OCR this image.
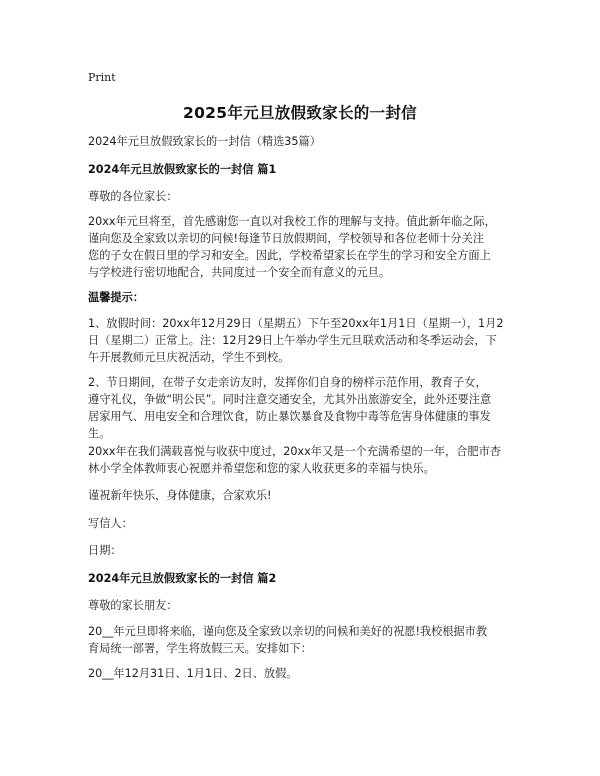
Print
2025年元旦放假致家长的一封信
2024年元旦放假致家长的一封信（精选35篇）
2024年元旦放假致家长的一封信 篇1
尊敬的各位家长：
20xx年元旦将至，首先感谢您一直以对我校工作的理解与支持。值此新年临之际，
谨向您及全家致以亲切的问候!每逢节日放假期间，学校领导和各位老师十分关注
您的子女在假日里的学习和安全。因此，学校希望家长在学生的学习和安全方面上
与学校进行密切地配合，共同度过一个安全而有意义的元旦。
温馨提示：
1、放假时间：20xx年12月29日（星期五）下午至20xx年1月1日（星期一），1月2
日（星期二）正常上。注：12月29日上午举办学生元旦联欢活动和冬季运动会，下
午开展教师元旦庆祝活动，学生不到校。
2、节日期间，在带子女走亲访友时，发挥你们自身的榜样示范作用，教育子女，
遵守礼仪，争做“明公民”。同时注意交通安全，尤其外出旅游安全，此外还要注意
居家用气、用电安全和合理饮食，防止暴饮暴食及食物中毒等危害身体健康的事发
生。
20xx年在我们满载喜悦与收获中度过，20xx年又是一个充满希望的一年，合肥市杏
林小学全体教师衷心祝愿并希望您和您的家人收获更多的幸福与快乐。
谨祝新年快乐，身体健康，合家欢乐!
写信人：
日期：
2024年元旦放假致家长的一封信 篇2
尊敬的家长朋友：
20__年元旦即将来临，谨向您及全家致以亲切的问候和美好的祝愿!我校根据市教
育局统一部署，学生将放假三天。安排如下：
20__年12月31日、1月1日、2日、放假。
